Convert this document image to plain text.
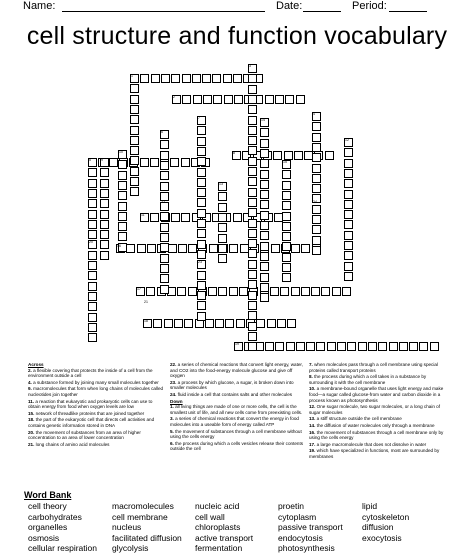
Name:	Date:	Period:
cell structure and function vocabulary
1
2
3
4
5
6
7
8
9
10
11
12
13
14
15
16
17
18
19
20
21
22
23
24
Across
2. a flexible covering that protects the inside of a cell from the environment outside a cell
4. a substance formed by joining many small molecules together
9. macromolecules that form when long chains of molecules called nucleotides join together
11. a reaction that eukaryotic and prokaryotic cells can use to obtain energy from food when oxygen levels are low
15. network of threadlike proteins that are joined together
18. the part of the eukaryotic cell that directs cell activities and contains genetic information stored in DNA
20. the movement of substances from an area of higher concentration to an area of lower concentration
21. long chains of amino acid molecules
22. a series of chemical reactions that convert light energy, water, and CO2 into the food-energy molecule glucose and give off oxygen
23. a process by which glucose, a sugar, is broken down into smaller molecules
24. fluid inside a cell that contains salts and other molecules
Down
1. all living things are made of one or more cells, the cell is the smallest unit of life, and all new cells come from preexisting cells.
3. a series of chemical reactions that convert the energy in food molecules into a useable form of energy called ATP
5. the movement of substances through a cell membrane without using the cells energy
6. the process during which a cells vesicles release their contents outside the cell
7. when molecules pass through a cell membrane using special proteins called transport proteins
8. the process during which a cell takes in a substance by surrounding it with the cell membrane
10. a membrane-bound organelle that uses light energy and make food—a sugar called glucose-from water and carbon dioxide in a process known as photosynthesis
12. One sugar molecule, two sugar molecules, or a long chain of sugar molecules
13. a stiff structure outside the cell membrane
14. the diffusion of water molecules only through a membrane
16. the movement of substances through a cell membrane only by using the cells energy
17. a large macromolecule that does not dissolve in water
19. which have specialized in functions, most are surrounded by membranes
Word Bank
cell theory
carbohydrates
organelles
osmosis
cellular respiration
macromolecules
cell membrane
nucleus
facilitated diffusion
glycolysis
nucleic acid
cell wall
chloroplasts
active transport
fermentation
proetin
cytoplasm
passive transport
endocytosis
photosynthesis
lipid
cytoskeleton
diffusion
exocytosis
